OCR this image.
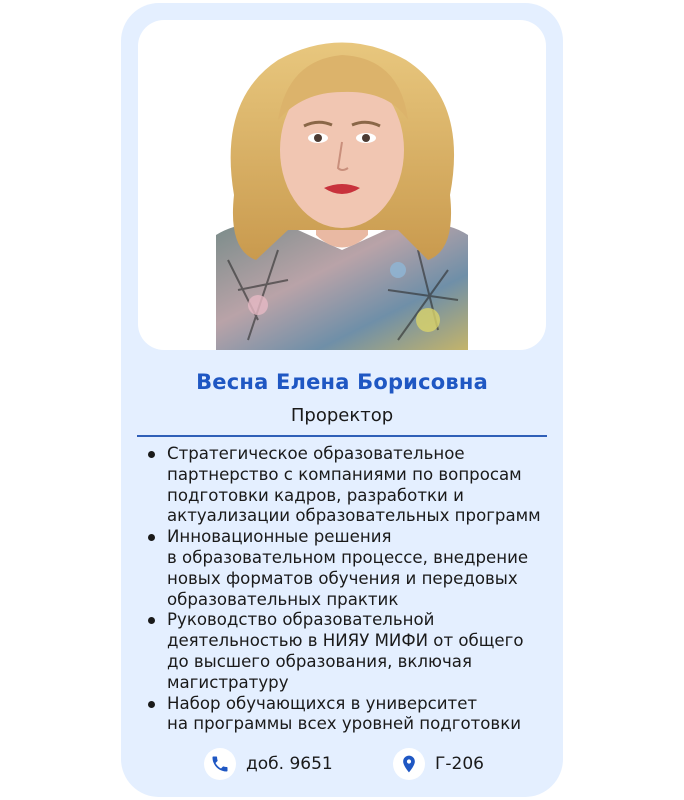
Весна Елена Борисовна
Проректор
Стратегическое образовательное
партнерство с компаниями по вопросам
подготовки кадров, разработки и
актуализации образовательных программ
Инновационные решения
в образовательном процессе, внедрение
новых форматов обучения и передовых
образовательных практик
Руководство образовательной
деятельностью в НИЯУ МИФИ от общего
до высшего образования, включая
магистратуру
Набор обучающихся в университет
на программы всех уровней подготовки
доб. 9651	Г-206
